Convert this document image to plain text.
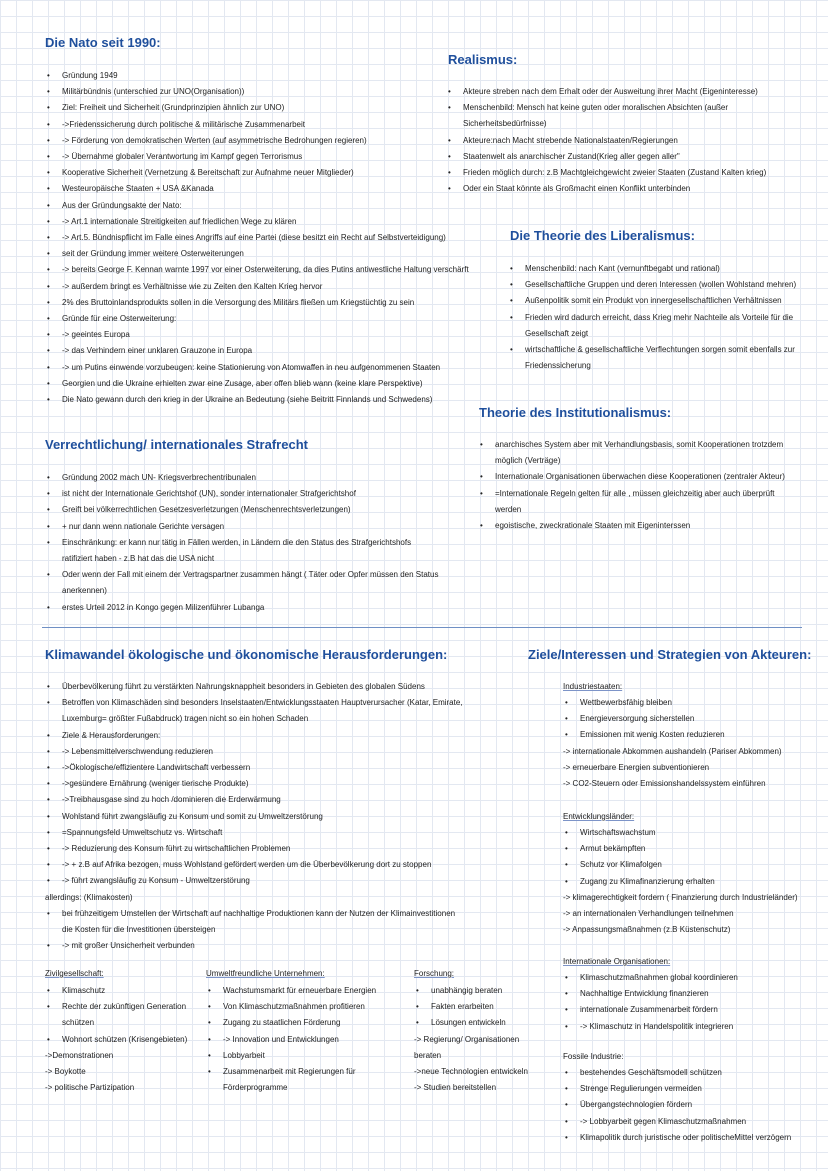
Die Nato seit 1990:
• Gründung 1949
• Militärbündnis (unterschied zur UNO(Organisation))
• Ziel: Freiheit und Sicherheit (Grundprinzipien ähnlich zur UNO)
• ->Friedenssicherung durch politische & militärische Zusammenarbeit
• -> Förderung von demokratischen Werten (auf asymmetrische Bedrohungen regieren)
• -> Übernahme globaler Verantwortung im Kampf gegen Terrorismus
• Kooperative Sicherheit (Vernetzung & Bereitschaft zur Aufnahme neuer Mitglieder)
• Westeuropäische Staaten + USA &Kanada
• Aus der Gründungsakte der Nato:
• -> Art.1 internationale Streitigkeiten auf friedlichen Wege zu klären
• -> Art.5. Bündnispflicht im Falle eines Angriffs auf eine Partei (diese besitzt ein Recht auf Selbstverteidigung)
• seit der Gründung immer weitere Osterweiterungen
• -> bereits George F. Kennan warnte 1997 vor einer Osterweiterung, da dies Putins antiwestliche Haltung verschärft
• -> außerdem bringt es Verhältnisse wie zu Zeiten den Kalten Krieg hervor
• 2% des Bruttoinlandsprodukts sollen in die Versorgung des Militärs fließen um Kriegstüchtig zu sein
• Gründe für eine Osterweiterung:
• -> geeintes Europa
• -> das Verhindern einer unklaren Grauzone in Europa
• -> um Putins einwende vorzubeugen: keine Stationierung von Atomwaffen in neu aufgenommenen Staaten
• Georgien und die Ukraine erhielten zwar eine Zusage, aber offen blieb wann (keine klare Perspektive)
• Die Nato gewann durch den krieg in der Ukraine an Bedeutung (siehe Beitritt Finnlands und Schwedens)
Realismus:
• Akteure streben nach dem Erhalt oder der Ausweitung ihrer Macht (Eigeninteresse)
• Menschenbild: Mensch hat keine guten oder moralischen Absichten (außer
Sicherheitsbedürfnisse)
• Akteure:nach Macht strebende Nationalstaaten/Regierungen
• Staatenwelt als anarchischer Zustand(Krieg aller gegen aller"
• Frieden möglich durch: z.B Machtgleichgewicht zweier Staaten (Zustand Kalten krieg)
• Oder ein Staat könnte als Großmacht einen Konflikt unterbinden
Die Theorie des Liberalismus:
• Menschenbild: nach Kant (vernunftbegabt und rational)
• Gesellschaftliche Gruppen und deren Interessen (wollen Wohlstand mehren)
• Außenpolitik somit ein Produkt von innergesellschaftlichen Verhältnissen
• Frieden wird dadurch erreicht, dass Krieg mehr Nachteile als Vorteile für die
Gesellschaft zeigt
• wirtschaftliche & gesellschaftliche Verflechtungen sorgen somit ebenfalls zur
Friedenssicherung
Theorie des Institutionalismus:
• anarchisches System aber mit Verhandlungsbasis, somit Kooperationen trotzdem
möglich (Verträge)
• Internationale Organisationen überwachen diese Kooperationen (zentraler Akteur)
• =Internationale Regeln gelten für alle , müssen gleichzeitig aber auch überprüft
werden
• egoistische, zweckrationale Staaten mit Eigeninterssen
Verrechtlichung/ internationales Strafrecht
• Gründung 2002 mach UN- Kriegsverbrechentribunalen
• ist nicht der Internationale Gerichtshof (UN), sonder internationaler Strafgerichtshof
• Greift bei völkerrechtlichen Gesetzesverletzungen (Menschenrechtsverletzungen)
• + nur dann wenn nationale Gerichte versagen
• Einschränkung: er kann nur tätig in Fällen werden, in Ländern die den Status des Strafgerichtshofs
ratifiziert haben - z.B hat das die USA nicht
• Oder wenn der Fall mit einem der Vertragspartner zusammen hängt ( Täter oder Opfer müssen den Status
anerkennen)
• erstes Urteil 2012 in Kongo gegen Milizenführer Lubanga
Klimawandel ökologische und ökonomische Herausforderungen:
• Überbevölkerung führt zu verstärkten Nahrungsknappheit besonders in Gebieten des globalen Südens
• Betroffen von Klimaschäden sind besonders Inselstaaten/Entwicklungsstaaten Hauptverursacher (Katar, Emirate,
Luxemburg= größter Fußabdruck) tragen nicht so ein hohen Schaden
• Ziele & Herausforderungen:
• -> Lebensmittelverschwendung reduzieren
• ->Ökologische/effizientere Landwirtschaft verbessern
• ->gesündere Ernährung (weniger tierische Produkte)
• ->Treibhausgase sind zu hoch /dominieren die Erderwärmung
• Wohlstand führt zwangsläufig zu Konsum und somit zu Umweltzerstörung
• =Spannungsfeld Umweltschutz vs. Wirtschaft
• -> Reduzierung des Konsum führt zu wirtschaftlichen Problemen
• -> + z.B auf Afrika bezogen, muss Wohlstand gefördert werden um die Überbevölkerung dort zu stoppen
• -> führt zwangsläufig zu Konsum - Umweltzerstörung
allerdings: (Klimakosten)
• bei frühzeitigem Umstellen der Wirtschaft auf nachhaltige Produktionen kann der Nutzen der Klimainvestitionen
die Kosten für die Investitionen übersteigen
• -> mit großer Unsicherheit verbunden
Zivilgesellschaft:
• Klimaschutz
• Rechte der zukünftigen Generation
schützen
• Wohnort schützen (Krisengebieten)
->Demonstrationen
-> Boykotte
-> politische Partizipation
Umweltfreundliche Unternehmen:
• Wachstumsmarkt für erneuerbare Energien
• Von Klimaschutzmaßnahmen profitieren
• Zugang zu staatlichen Förderung
• -> Innovation und Entwicklungen
• Lobbyarbeit
• Zusammenarbeit mit Regierungen für
Förderprogramme
Forschung:
• unabhängig beraten
• Fakten erarbeiten
• Lösungen entwickeln
-> Regierung/ Organisationen
beraten
->neue Technologien entwickeln
-> Studien bereitstellen
Ziele/Interessen und Strategien von Akteuren:
Industriestaaten:
• Wettbewerbsfähig bleiben
• Energieversorgung sicherstellen
• Emissionen mit wenig Kosten reduzieren
-> internationale Abkommen aushandeln (Pariser Abkommen)
-> erneuerbare Energien subventionieren
-> CO2-Steuern oder Emissionshandelssystem einführen
Entwicklungsländer:
• Wirtschaftswachstum
• Armut bekämpften
• Schutz vor Klimafolgen
• Zugang zu Klimafinanzierung erhalten
-> klimagerechtigkeit fordern ( Finanzierung durch Industrieländer)
-> an internationalen Verhandlungen teilnehmen
-> Anpassungsmaßnahmen (z.B Küstenschutz)
Internationale Organisationen:
• Klimaschutzmaßnahmen global koordinieren
• Nachhaltige Entwicklung finanzieren
• internationale Zusammenarbeit fördern
• -> Klimaschutz in Handelspolitik integrieren
Fossile Industrie:
• bestehendes Geschäftsmodell schützen
• Strenge Regulierungen vermeiden
• Übergangstechnologien fördern
• -> Lobbyarbeit gegen Klimaschutzmaßnahmen
• Klimapolitik durch juristische oder politischeMittel verzögern
